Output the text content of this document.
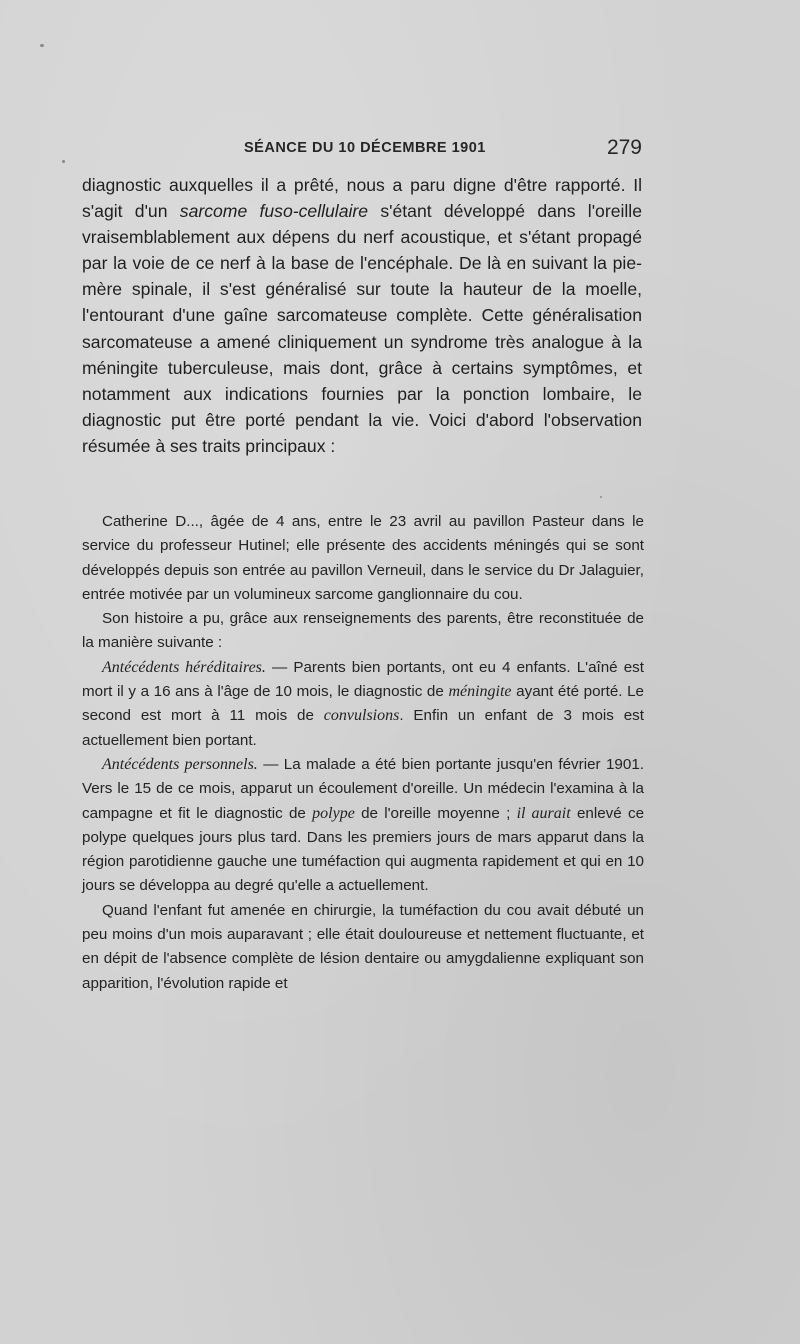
SÉANCE DU 10 DÉCEMBRE 1901	279

diagnostic auxquelles il a prêté, nous a paru digne d'être rapporté. Il s'agit d'un sarcome fuso-cellulaire s'étant développé dans l'oreille vraisemblablement aux dépens du nerf acoustique, et s'étant propagé par la voie de ce nerf à la base de l'encéphale. De là en suivant la pie-mère spinale, il s'est généralisé sur toute la hauteur de la moelle, l'entourant d'une gaîne sarcomateuse complète. Cette généralisation sarcomateuse a amené cliniquement un syndrome très analogue à la méningite tuberculeuse, mais dont, grâce à certains symptômes, et notamment aux indications fournies par la ponction lombaire, le diagnostic put être porté pendant la vie. Voici d'abord l'observation résumée à ses traits principaux :

Catherine D..., âgée de 4 ans, entre le 23 avril au pavillon Pasteur dans le service du professeur Hutinel; elle présente des accidents méningés qui se sont développés depuis son entrée au pavillon Verneuil, dans le service du Dr Jalaguier, entrée motivée par un volumineux sarcome ganglionnaire du cou.

Son histoire a pu, grâce aux renseignements des parents, être reconstituée de la manière suivante :

Antécédents héréditaires. — Parents bien portants, ont eu 4 enfants. L'aîné est mort il y a 16 ans à l'âge de 10 mois, le diagnostic de méningite ayant été porté. Le second est mort à 11 mois de convulsions. Enfin un enfant de 3 mois est actuellement bien portant.

Antécédents personnels. — La malade a été bien portante jusqu'en février 1901. Vers le 15 de ce mois, apparut un écoulement d'oreille. Un médecin l'examina à la campagne et fit le diagnostic de polype de l'oreille moyenne ; il aurait enlevé ce polype quelques jours plus tard. Dans les premiers jours de mars apparut dans la région parotidienne gauche une tuméfaction qui augmenta rapidement et qui en 10 jours se développa au degré qu'elle a actuellement.

Quand l'enfant fut amenée en chirurgie, la tuméfaction du cou avait débuté un peu moins d'un mois auparavant ; elle était douloureuse et nettement fluctuante, et en dépit de l'absence complète de lésion dentaire ou amygdalienne expliquant son apparition, l'évolution rapide et
